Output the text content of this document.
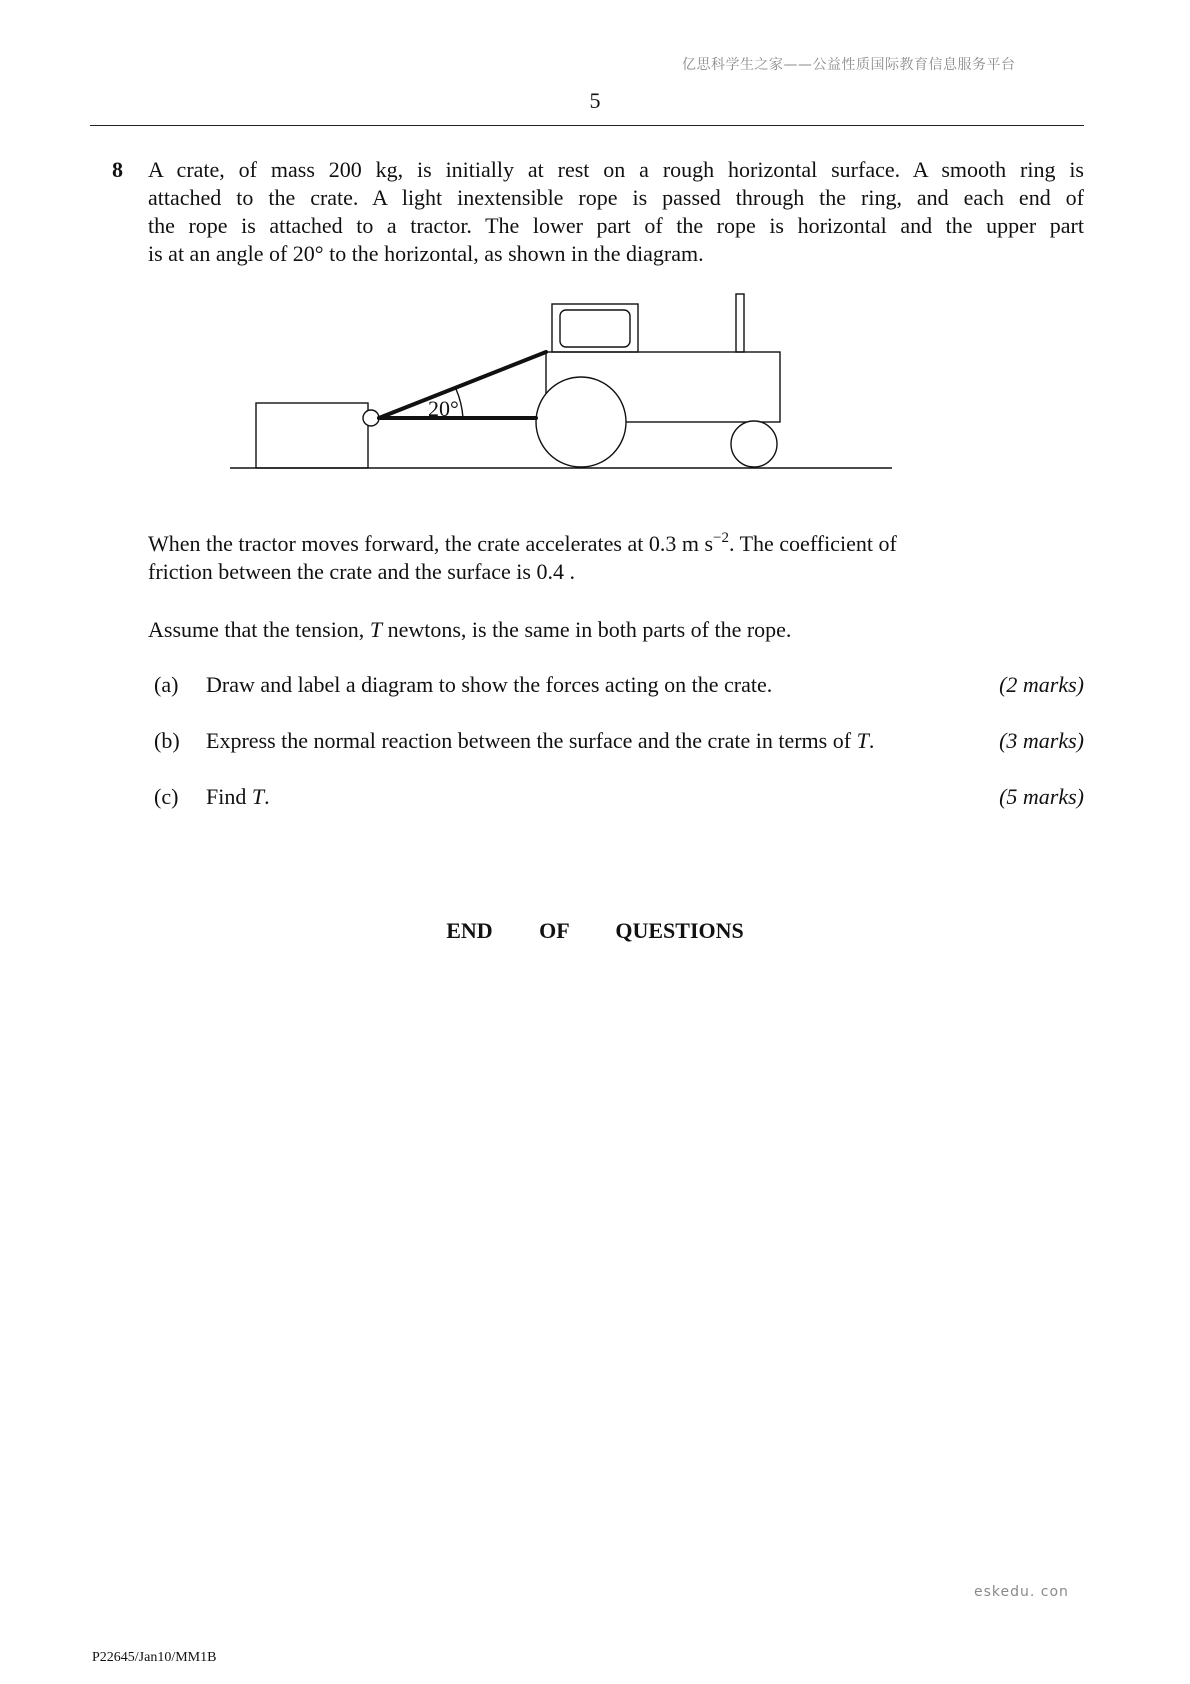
亿思科学生之家——公益性质国际教育信息服务平台
5
8 A crate, of mass 200 kg, is initially at rest on a rough horizontal surface. A smooth ring is
attached to the crate. A light inextensible rope is passed through the ring, and each end of
the rope is attached to a tractor. The lower part of the rope is horizontal and the upper part
is at an angle of 20° to the horizontal, as shown in the diagram.
20°
When the tractor moves forward, the crate accelerates at 0.3 m $s^{-2}$. The coefficient of
friction between the crate and the surface is 0.4 .
Assume that the tension, T newtons, is the same in both parts of the rope.
(a) Draw and label a diagram to show the forces acting on the crate.	(2 marks)
(b) Express the normal reaction between the surface and the crate in terms of T.	(3 marks)
(c) Find T.	(5 marks)
END   OF   QUESTIONS
eskedu. con
P22645/Jan10/MM1B
